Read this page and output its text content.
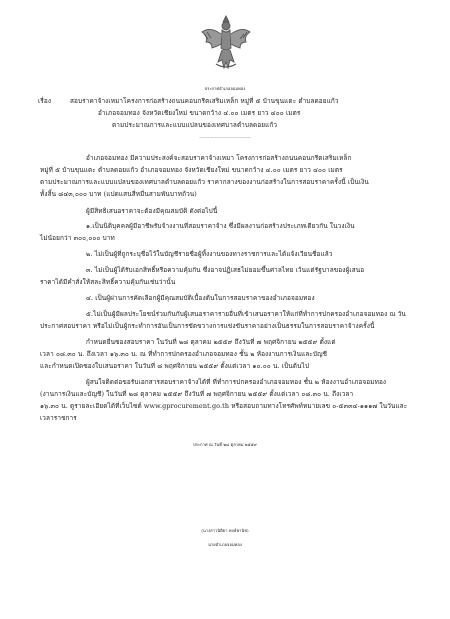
ประกาศอำเภอจอมทอง
เรื่อง	สอบราคาจ้างเหมาโครงการก่อสร้างถนนคอนกรีตเสริมเหล็ก หมู่ที่ ๕ บ้านขุนแตะ ตำบลดอยแก้ว
อำเภอจอมทอง จังหวัดเชียงใหม่ ขนาดกว้าง ๔.๐๐ เมตร ยาว ๔๐๐ เมตร
ตามประมาณการและแบบแปลนของเทศบาลตำบลดอยแก้ว
------------------------------------
อำเภอจอมทอง มีความประสงค์จะสอบราคาจ้างเหมา โครงการก่อสร้างถนนคอนกรีตเสริมเหล็ก
หมู่ที่ ๕ บ้านขุนแตะ ตำบลดอยแก้ว อำเภอจอมทอง จังหวัดเชียงใหม่ ขนาดกว้าง ๔.๐๐ เมตร ยาว ๔๐๐ เมตร
ตามประมาณการและแบบแปลนของเทศบาลตำบลดอยแก้ว ราคากลางของงานก่อสร้างในการสอบราคาครั้งนี้ เป็นเงิน
ทั้งสิ้น ๘๔๓,๐๐๐ บาท (แปดแสนสี่หมื่นสามพันบาทถ้วน)
ผู้มีสิทธิเสนอราคาจะต้องมีคุณสมบัติ ดังต่อไปนี้
๑.เป็นนิติบุคคลผู้มีอาชีพรับจ้างงานที่สอบราคาจ้าง ซึ่งมีผลงานก่อสร้างประเภทเดียวกัน ในวงเงิน
ไม่น้อยกว่า ๓๐๐,๐๐๐ บาท
๒. ไม่เป็นผู้ที่ถูกระบุชื่อไว้ในบัญชีรายชื่อผู้ทิ้งงานของทางราชการและได้แจ้งเวียนชื่อแล้ว
๓. ไม่เป็นผู้ได้รับเอกสิทธิ์หรือความคุ้มกัน ซึ่งอาจปฏิเสธไม่ยอมขึ้นศาลไทย เว้นแต่รัฐบาลของผู้เสนอ
ราคาได้มีคำสั่งให้สละสิทธิ์ความคุ้มกันเช่นว่านั้น
๔. เป็นผู้ผ่านการคัดเลือกผู้มีคุณสมบัติเบื้องต้นในการสอบราคาของอำเภอจอมทอง
๕.ไม่เป็นผู้มีผลประโยชน์ร่วมกันกับผู้เสนอราคารายอื่นที่เข้าเสนอราคาให้แก่ที่ทำการปกครองอำเภอจอมทอง ณ วัน
ประกาศสอบราคา หรือไม่เป็นผู้กระทำการอันเป็นการขัดขวางการแข่งขันราคาอย่างเป็นธรรมในการสอบราคาจ้างครั้งนี้
กำหนดยื่นซองสอบราคา ในวันที่ ๒๘ ตุลาคม ๒๕๕๙ ถึงวันที่ ๗ พฤศจิกายน ๒๕๕๙ ตั้งแต่
เวลา ๐๘.๓๐ น. ถึงเวลา ๑๖.๓๐ น. ณ ที่ทำการปกครองอำเภอจอมทอง ชั้น ๒ ห้องงานการเงินและบัญชี
และกำหนดเปิดซองใบเสนอราคา ในวันที่ ๘ พฤศจิกายน ๒๕๕๙ ตั้งแต่เวลา ๑๐.๐๐ น. เป็นต้นไป
ผู้สนใจติดต่อขอรับเอกสารสอบราคาจ้างได้ที่ ที่ทำการปกครองอำเภอจอมทอง ชั้น ๒ ห้องงานอำเภอจอมทอง
(งานการเงินและบัญชี) ในวันที่ ๒๘ ตุลาคม ๒๕๕๙ ถึงวันที่ ๗ พฤศจิกายน ๒๕๕๙ ตั้งแต่เวลา ๐๘.๓๐ น. ถึงเวลา
๑๖.๓๐ น. ดูรายละเอียดได้ที่เว็บไซต์ www.gprocurement.go.th หรือสอบถามทางโทรศัพท์หมายเลข ๐-๕๓๓๔-๑๑๑๗ ในวันและ
เวลาราชการ
ประกาศ ณ วันที่ ๒๘ ตุลาคม ๒๕๕๙
(นางสาวนิติยา พงษ์พานิช)
นายอำเภอจอมทอง
